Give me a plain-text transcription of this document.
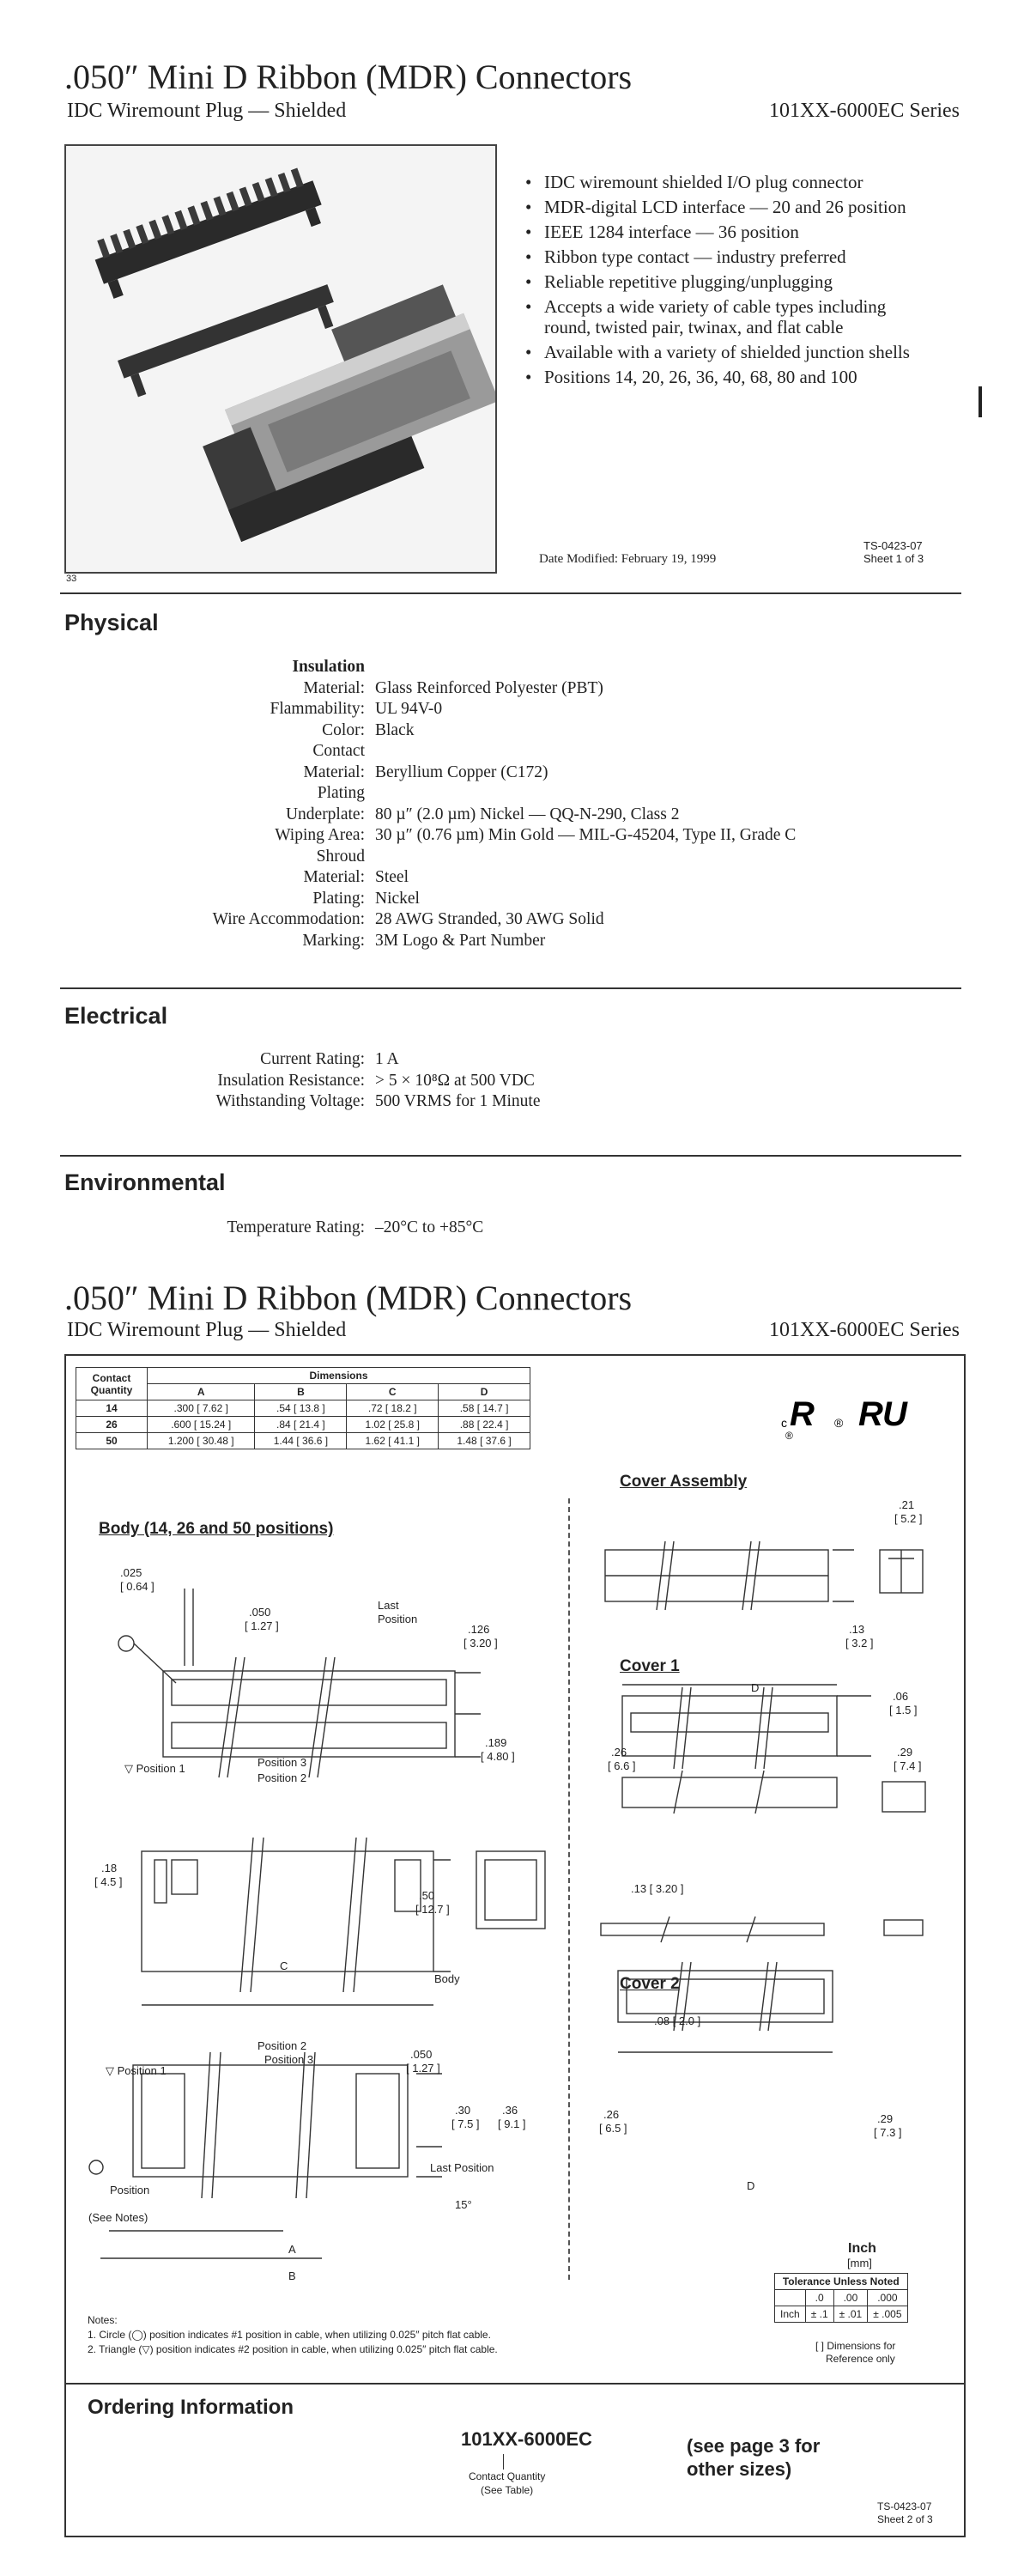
.050″ Mini D Ribbon (MDR) Connectors
IDC Wiremount Plug — Shielded	101XX-6000EC Series
33
• IDC wiremount shielded I/O plug connector
• MDR-digital LCD interface — 20 and 26 position
• IEEE 1284 interface — 36 position
• Ribbon type contact — industry preferred
• Reliable repetitive plugging/unplugging
• Accepts a wide variety of cable types including round, twisted pair, twinax, and flat cable
• Available with a variety of shielded junction shells
• Positions 14, 20, 26, 36, 40, 68, 80 and 100
Date Modified: February 19, 1999
TS-0423-07
Sheet 1 of 3
Physical
Insulation
Material: Glass Reinforced Polyester (PBT)
Flammability: UL 94V-0
Color: Black
Contact
Material: Beryllium Copper (C172)
Plating
Underplate: 80 µ″ (2.0 µm) Nickel — QQ-N-290, Class 2
Wiping Area: 30 µ″ (0.76 µm) Min Gold — MIL-G-45204, Type II, Grade C
Shroud
Material: Steel
Plating: Nickel
Wire Accommodation: 28 AWG Stranded, 30 AWG Solid
Marking: 3M Logo & Part Number
Electrical
Current Rating: 1 A
Insulation Resistance: > 5 × 10⁸Ω at 500 VDC
Withstanding Voltage: 500 VRMS for 1 Minute
Environmental
Temperature Rating: –20°C to +85°C
.050″ Mini D Ribbon (MDR) Connectors
IDC Wiremount Plug — Shielded	101XX-6000EC Series
Contact Quantity	Dimensions			
	A	B	C	D
14	.300 [ 7.62 ]	.54 [ 13.8 ]	.72 [ 18.2 ]	.58 [ 14.7 ]
26	.600 [ 15.24 ]	.84 [ 21.4 ]	1.02 [ 25.8 ]	.88 [ 22.4 ]
50	1.200 [ 30.48 ]	1.44 [ 36.6 ]	1.62 [ 41.1 ]	1.48 [ 37.6 ]
c R
®
® R U
Body (14, 26 and 50 positions)
Cover Assembly
Cover 1
Cover 2
.025
[ 0.64 ]
.050
[ 1.27 ]
Last
Position
.126
[ 3.20 ]
.189
[ 4.80 ]
▽ Position 1	Position 3
Position 2
.18
[ 4.5 ]
.50
[ 12.7 ]
C
Body
Position 2
Position 3
▽ Position 1
.050
[ 1.27 ]
.30
[ 7.5 ]
.36
[ 9.1 ]
Last Position
15°
Position
(See Notes)
A
B
.21
[ 5.2 ]
.13
[ 3.2 ]
D
.06
[ 1.5 ]
.26
[ 6.6 ]
.29
[ 7.4 ]
.13 [ 3.20 ]
.08 [ 2.0 ]
.26
[ 6.5 ]
.29
[ 7.3 ]
D
Inch
[mm]
Tolerance Unless Noted			
	.0	.00	.000
Inch	± .1	± .01	± .005
[ ] Dimensions for
Reference only
Notes:
1. Circle (◯) position indicates #1 position in cable, when utilizing 0.025″ pitch flat cable.
2. Triangle (▽) position indicates #2 position in cable, when utilizing 0.025″ pitch flat cable.
Ordering Information
101XX-6000EC
Contact Quantity
(See Table)
(see page 3 for
other sizes)
TS-0423-07
Sheet 2 of 3
